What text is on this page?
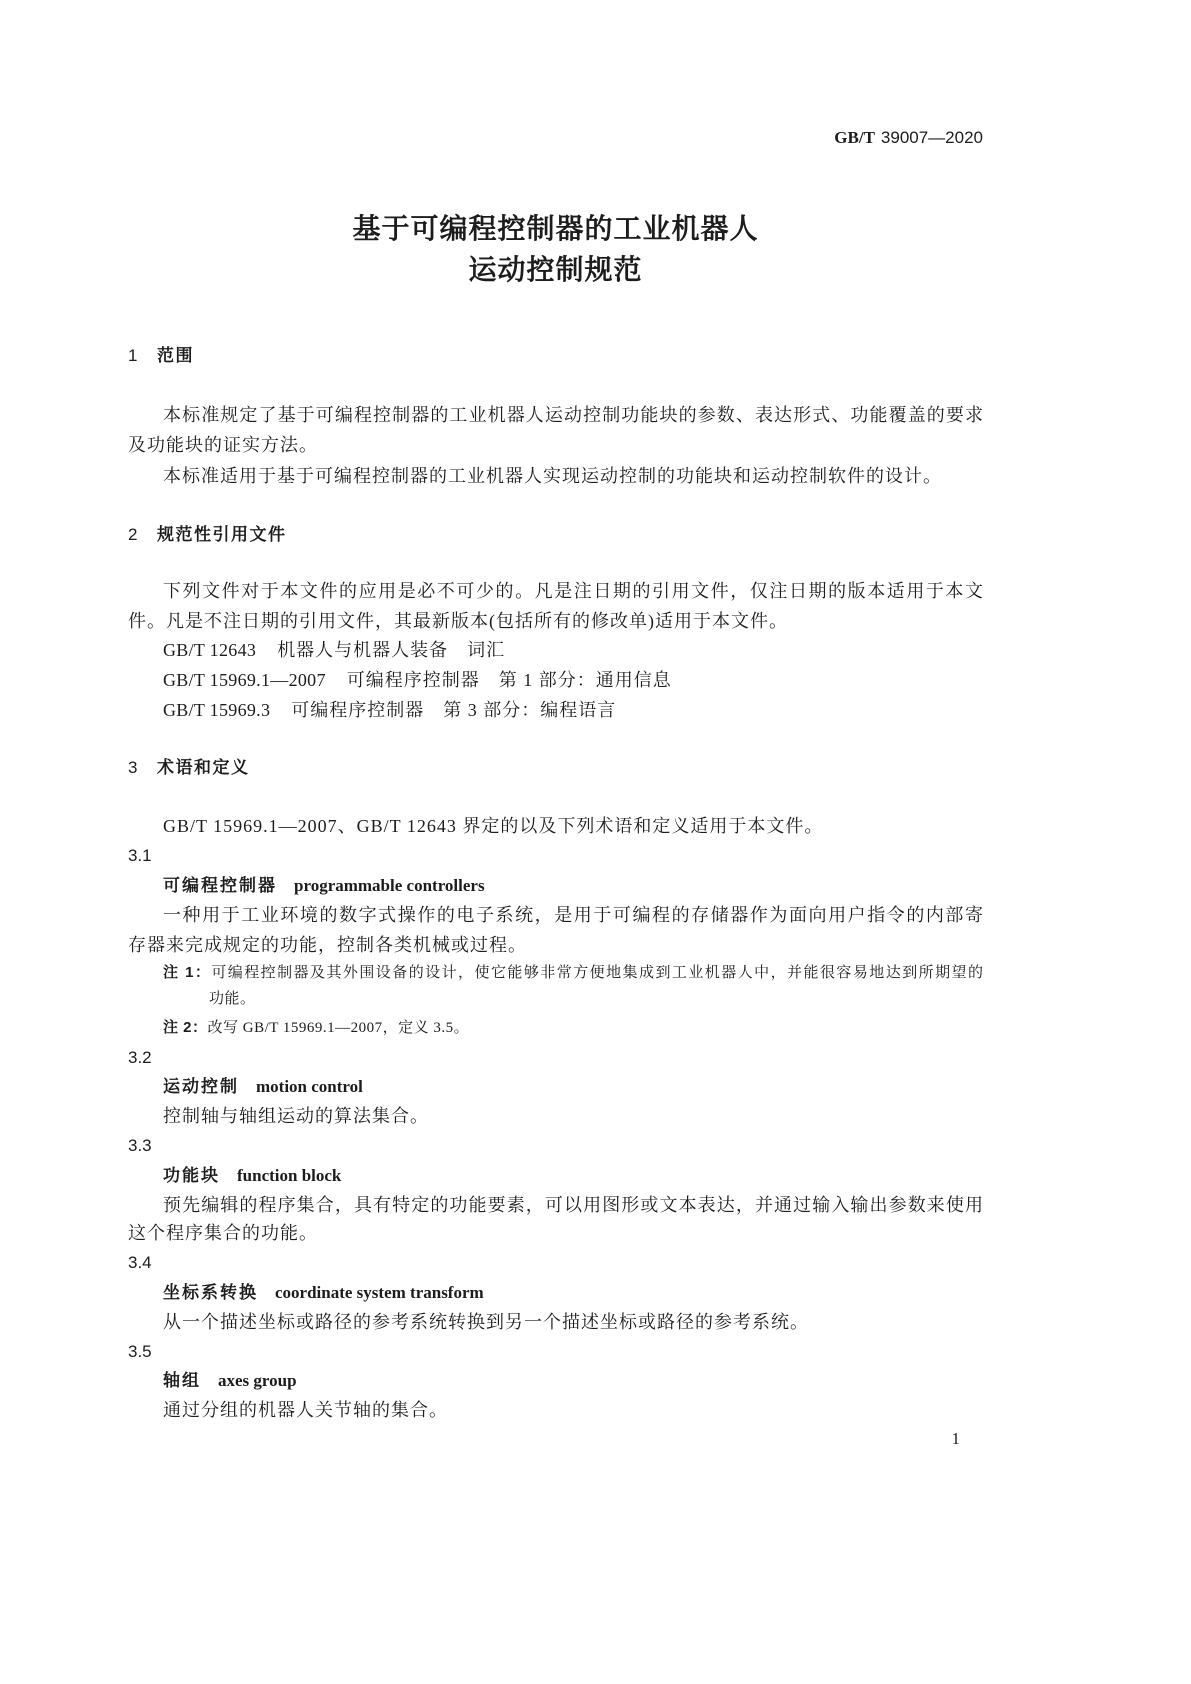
GB/T 39007—2020
基于可编程控制器的工业机器人
运动控制规范
1 范围
本标准规定了基于可编程控制器的工业机器人运动控制功能块的参数、表达形式、功能覆盖的要求
及功能块的证实方法。
本标准适用于基于可编程控制器的工业机器人实现运动控制的功能块和运动控制软件的设计。
2 规范性引用文件
下列文件对于本文件的应用是必不可少的。凡是注日期的引用文件，仅注日期的版本适用于本文
件。凡是不注日期的引用文件，其最新版本(包括所有的修改单)适用于本文件。
GB/T 12643 机器人与机器人装备　词汇
GB/T 15969.1—2007 可编程序控制器　第 1 部分：通用信息
GB/T 15969.3 可编程序控制器　第 3 部分：编程语言
3 术语和定义
GB/T 15969.1—2007、GB/T 12643 界定的以及下列术语和定义适用于本文件。
3.1
可编程控制器 programmable controllers
一种用于工业环境的数字式操作的电子系统，是用于可编程的存储器作为面向用户指令的内部寄
存器来完成规定的功能，控制各类机械或过程。
注 1：可编程控制器及其外围设备的设计，使它能够非常方便地集成到工业机器人中，并能很容易地达到所期望的
功能。
注 2：改写 GB/T 15969.1—2007，定义 3.5。
3.2
运动控制 motion control
控制轴与轴组运动的算法集合。
3.3
功能块 function block
预先编辑的程序集合，具有特定的功能要素，可以用图形或文本表达，并通过输入输出参数来使用
这个程序集合的功能。
3.4
坐标系转换 coordinate system transform
从一个描述坐标或路径的参考系统转换到另一个描述坐标或路径的参考系统。
3.5
轴组 axes group
通过分组的机器人关节轴的集合。
1
